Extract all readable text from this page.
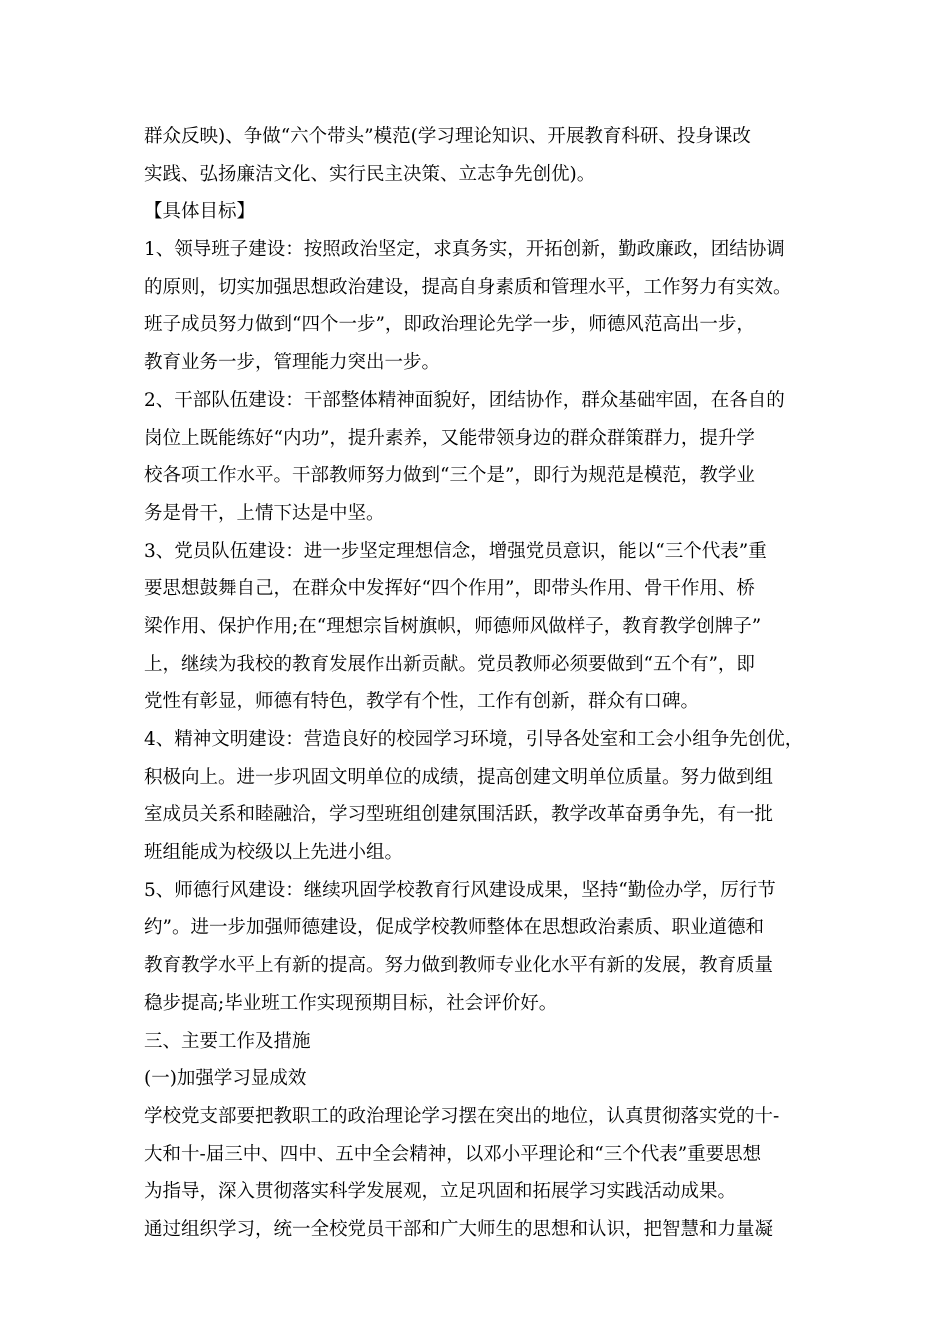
群众反映)、争做“六个带头”模范(学习理论知识、开展教育科研、投身课改
实践、弘扬廉洁文化、实行民主决策、立志争先创优)。
【具体目标】
1、领导班子建设：按照政治坚定，求真务实，开拓创新，勤政廉政，团结协调
的原则，切实加强思想政治建设，提高自身素质和管理水平，工作努力有实效。
班子成员努力做到“四个一步”，即政治理论先学一步，师德风范高出一步，
教育业务一步，管理能力突出一步。
2、干部队伍建设：干部整体精神面貌好，团结协作，群众基础牢固，在各自的
岗位上既能练好“内功”，提升素养，又能带领身边的群众群策群力，提升学
校各项工作水平。干部教师努力做到“三个是”，即行为规范是模范，教学业
务是骨干，上情下达是中坚。
3、党员队伍建设：进一步坚定理想信念，增强党员意识，能以“三个代表”重
要思想鼓舞自己，在群众中发挥好“四个作用”，即带头作用、骨干作用、桥
梁作用、保护作用;在“理想宗旨树旗帜，师德师风做样子，教育教学创牌子”
上，继续为我校的教育发展作出新贡献。党员教师必须要做到“五个有”，即
党性有彰显，师德有特色，教学有个性，工作有创新，群众有口碑。
4、精神文明建设：营造良好的校园学习环境，引导各处室和工会小组争先创优，
积极向上。进一步巩固文明单位的成绩，提高创建文明单位质量。努力做到组
室成员关系和睦融洽，学习型班组创建氛围活跃，教学改革奋勇争先，有一批
班组能成为校级以上先进小组。
5、师德行风建设：继续巩固学校教育行风建设成果，坚持“勤俭办学，厉行节
约”。进一步加强师德建设，促成学校教师整体在思想政治素质、职业道德和
教育教学水平上有新的提高。努力做到教师专业化水平有新的发展，教育质量
稳步提高;毕业班工作实现预期目标，社会评价好。
三、主要工作及措施
(一)加强学习显成效
学校党支部要把教职工的政治理论学习摆在突出的地位，认真贯彻落实党的十-
大和十-届三中、四中、五中全会精神，以邓小平理论和“三个代表”重要思想
为指导，深入贯彻落实科学发展观，立足巩固和拓展学习实践活动成果。
通过组织学习，统一全校党员干部和广大师生的思想和认识，把智慧和力量凝
